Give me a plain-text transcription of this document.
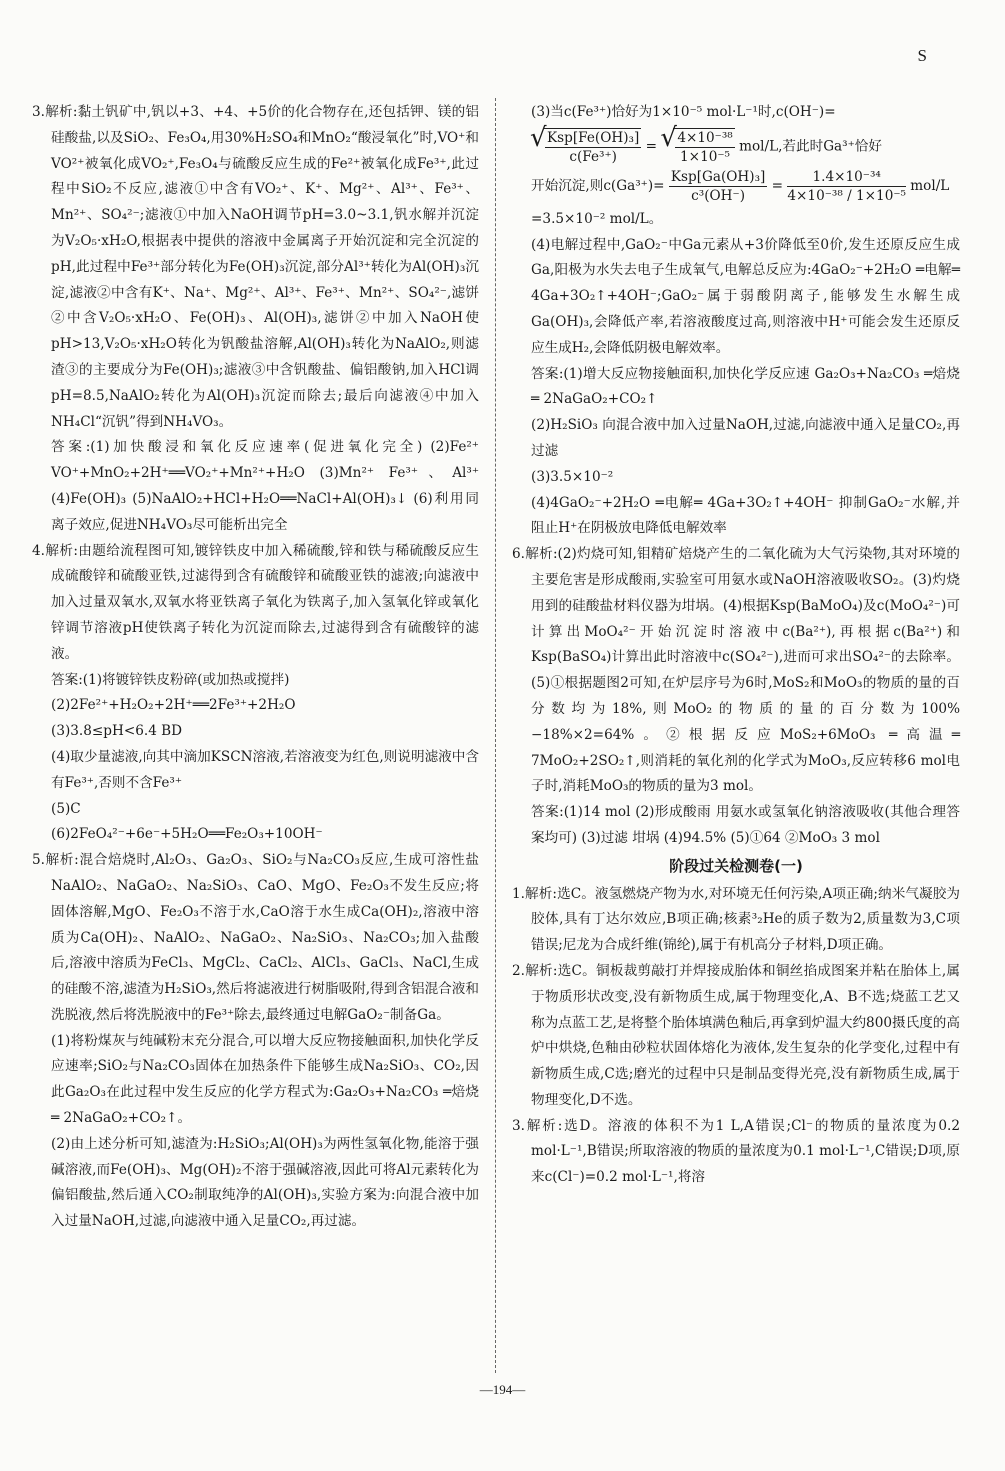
S

3.解析:黏土钒矿中,钒以+3、+4、+5价的化合物存在,还包括钾、镁的铝硅酸盐,以及SiO₂、Fe₃O₄,用30%H₂SO₄和MnO₂“酸浸氧化”时,VO⁺和VO²⁺被氧化成VO₂⁺,Fe₃O₄与硫酸反应生成的Fe²⁺被氧化成Fe³⁺,此过程中SiO₂不反应,滤液①中含有VO₂⁺、K⁺、Mg²⁺、Al³⁺、Fe³⁺、Mn²⁺、SO₄²⁻;滤液①中加入NaOH调节pH=3.0~3.1,钒水解并沉淀为V₂O₅·xH₂O,根据表中提供的溶液中金属离子开始沉淀和完全沉淀的pH,此过程中Fe³⁺部分转化为Fe(OH)₃沉淀,部分Al³⁺转化为Al(OH)₃沉淀,滤液②中含有K⁺、Na⁺、Mg²⁺、Al³⁺、Fe³⁺、Mn²⁺、SO₄²⁻,滤饼②中含V₂O₅·xH₂O、Fe(OH)₃、Al(OH)₃,滤饼②中加入NaOH使pH>13,V₂O₅·xH₂O转化为钒酸盐溶解,Al(OH)₃转化为NaAlO₂,则滤渣③的主要成分为Fe(OH)₃;滤液③中含钒酸盐、偏铝酸钠,加入HCl调pH=8.5,NaAlO₂转化为Al(OH)₃沉淀而除去;最后向滤液④中加入NH₄Cl“沉钒”得到NH₄VO₃。

答案:(1)加快酸浸和氧化反应速率(促进氧化完全) (2)Fe²⁺ VO⁺+MnO₂+2H⁺══VO₂⁺+Mn²⁺+H₂O (3)Mn²⁺ Fe³⁺、Al³⁺ (4)Fe(OH)₃ (5)NaAlO₂+HCl+H₂O══NaCl+Al(OH)₃↓ (6)利用同离子效应,促进NH₄VO₃尽可能析出完全

4.解析:由题给流程图可知,镀锌铁皮中加入稀硫酸,锌和铁与稀硫酸反应生成硫酸锌和硫酸亚铁,过滤得到含有硫酸锌和硫酸亚铁的滤液;向滤液中加入过量双氧水,双氧水将亚铁离子氧化为铁离子,加入氢氧化锌或氧化锌调节溶液pH使铁离子转化为沉淀而除去,过滤得到含有硫酸锌的滤液。

答案:(1)将镀锌铁皮粉碎(或加热或搅拌)

(2)2Fe²⁺+H₂O₂+2H⁺══2Fe³⁺+2H₂O

(3)3.8≤pH<6.4 BD

(4)取少量滤液,向其中滴加KSCN溶液,若溶液变为红色,则说明滤液中含有Fe³⁺,否则不含Fe³⁺

(5)C

(6)2FeO₄²⁻+6e⁻+5H₂O══Fe₂O₃+10OH⁻

5.解析:混合焙烧时,Al₂O₃、Ga₂O₃、SiO₂与Na₂CO₃反应,生成可溶性盐NaAlO₂、NaGaO₂、Na₂SiO₃、CaO、MgO、Fe₂O₃不发生反应;将固体溶解,MgO、Fe₂O₃不溶于水,CaO溶于水生成Ca(OH)₂,溶液中溶质为Ca(OH)₂、NaAlO₂、NaGaO₂、Na₂SiO₃、Na₂CO₃;加入盐酸后,溶液中溶质为FeCl₃、MgCl₂、CaCl₂、AlCl₃、GaCl₃、NaCl,生成的硅酸不溶,滤渣为H₂SiO₃,然后将滤液进行树脂吸附,得到含铝混合液和洗脱液,然后将洗脱液中的Fe³⁺除去,最终通过电解GaO₂⁻制备Ga。

(1)将粉煤灰与纯碱粉末充分混合,可以增大反应物接触面积,加快化学反应速率;SiO₂与Na₂CO₃固体在加热条件下能够生成Na₂SiO₃、CO₂,因此Ga₂O₃在此过程中发生反应的化学方程式为:Ga₂O₃+Na₂CO₃ ═焙烧═ 2NaGaO₂+CO₂↑。

(2)由上述分析可知,滤渣为:H₂SiO₃;Al(OH)₃为两性氢氧化物,能溶于强碱溶液,而Fe(OH)₃、Mg(OH)₂不溶于强碱溶液,因此可将Al元素转化为偏铝酸盐,然后通入CO₂制取纯净的Al(OH)₃,实验方案为:向混合液中加入过量NaOH,过滤,向滤液中通入足量CO₂,再过滤。

(3)当c(Fe³⁺)恰好为1×10⁻⁵ mol·L⁻¹时,c(OH⁻)=

√ Ksp[Fe(OH)₃]
c(Fe³⁺)
=
√ $\frac{\text{4×10⁻³⁸}}{\text{1×10⁻⁵}} mol/L$,若此时Ga³⁺恰好
开始沉淀,则c(Ga³⁺)=
Ksp[Ga(OH)₃]
c³(OH⁻)
= $\frac{\text{1.4×10⁻³⁴}}{\text{4×10⁻³⁸ / 1×10⁻⁵}} mol/L$

=3.5×10⁻² mol/L。

(4)电解过程中,GaO₂⁻中Ga元素从+3价降低至0价,发生还原反应生成Ga,阳极为水失去电子生成氧气,电解总反应为:4GaO₂⁻+2H₂O ═电解═ 4Ga+3O₂↑+4OH⁻;GaO₂⁻属于弱酸阴离子,能够发生水解生成Ga(OH)₃,会降低产率,若溶液酸度过高,则溶液中H⁺可能会发生还原反应生成H₂,会降低阴极电解效率。

答案:(1)增大反应物接触面积,加快化学反应速 Ga₂O₃+Na₂CO₃ ═焙烧═ 2NaGaO₂+CO₂↑

(2)H₂SiO₃ 向混合液中加入过量NaOH,过滤,向滤液中通入足量CO₂,再过滤

(3)3.5×10⁻²

(4)4GaO₂⁻+2H₂O ═电解═ 4Ga+3O₂↑+4OH⁻ 抑制GaO₂⁻水解,并阻止H⁺在阴极放电降低电解效率

6.解析:(2)灼烧可知,钼精矿焙烧产生的二氧化硫为大气污染物,其对环境的主要危害是形成酸雨,实验室可用氨水或NaOH溶液吸收SO₂。(3)灼烧用到的硅酸盐材料仪器为坩埚。(4)根据Ksp(BaMoO₄)及c(MoO₄²⁻)可计算出MoO₄²⁻开始沉淀时溶液中c(Ba²⁺),再根据c(Ba²⁺)和Ksp(BaSO₄)计算出此时溶液中c(SO₄²⁻),进而可求出SO₄²⁻的去除率。(5)①根据题图2可知,在炉层序号为6时,MoS₂和MoO₃的物质的量的百分数均为18%,则MoO₂的物质的量的百分数为100%−18%×2=64%。②根据反应MoS₂+6MoO₃ ═高温═ 7MoO₂+2SO₂↑,则消耗的氧化剂的化学式为MoO₃,反应转移6 mol电子时,消耗MoO₃的物质的量为3 mol。

答案:(1)14 mol (2)形成酸雨 用氨水或氢氧化钠溶液吸收(其他合理答案均可) (3)过滤 坩埚 (4)94.5% (5)①64 ②MoO₃ 3 mol

阶段过关检测卷(一)

1.解析:选C。液氢燃烧产物为水,对环境无任何污染,A项正确;纳米气凝胶为胶体,具有丁达尔效应,B项正确;核素³₂He的质子数为2,质量数为3,C项错误;尼龙为合成纤维(锦纶),属于有机高分子材料,D项正确。

2.解析:选C。铜板裁剪敲打并焊接成胎体和铜丝掐成图案并粘在胎体上,属于物质形状改变,没有新物质生成,属于物理变化,A、B不选;烧蓝工艺又称为点蓝工艺,是将整个胎体填满色釉后,再拿到炉温大约800摄氏度的高炉中烘烧,色釉由砂粒状固体熔化为液体,发生复杂的化学变化,过程中有新物质生成,C选;磨光的过程中只是制品变得光亮,没有新物质生成,属于物理变化,D不选。

3.解析:选D。溶液的体积不为1 L,A错误;Cl⁻的物质的量浓度为0.2 mol·L⁻¹,B错误;所取溶液的物质的量浓度为0.1 mol·L⁻¹,C错误;D项,原来c(Cl⁻)=0.2 mol·L⁻¹,将溶

—194—
